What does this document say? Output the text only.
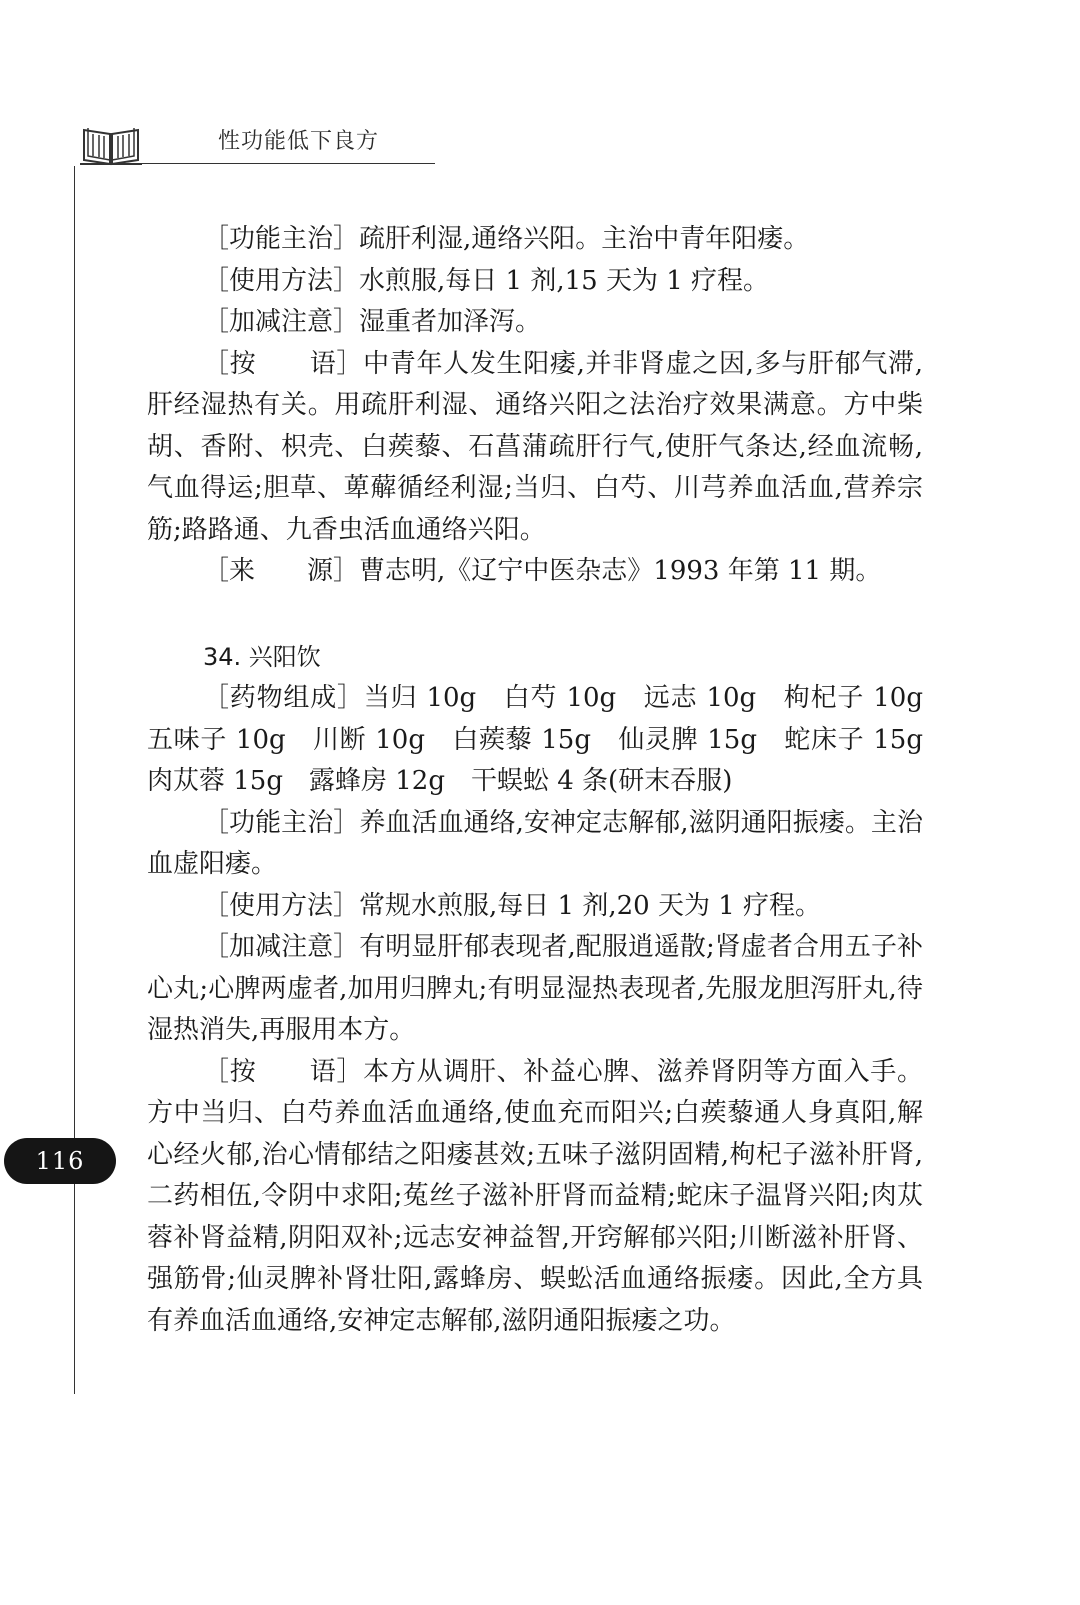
性功能低下良方
116

［功能主治］疏肝利湿,通络兴阳。主治中青年阳痿。

［使用方法］水煎服,每日 1 剂,15 天为 1 疗程。

［加减注意］湿重者加泽泻。

［按　　语］中青年人发生阳痿,并非肾虚之因,多与肝郁气滞,肝经湿热有关。用疏肝利湿、通络兴阳之法治疗效果满意。方中柴胡、香附、枳壳、白蒺藜、石菖蒲疏肝行气,使肝气条达,经血流畅,气血得运;胆草、萆薢循经利湿;当归、白芍、川芎养血活血,营养宗筋;路路通、九香虫活血通络兴阳。

［来　　源］曹志明,《辽宁中医杂志》1993 年第 11 期。

34. 兴阳饮

［药物组成］当归 10g　白芍 10g　远志 10g　枸杞子 10g　五味子 10g　川断 10g　白蒺藜 15g　仙灵脾 15g　蛇床子 15g　肉苁蓉 15g　露蜂房 12g　干蜈蚣 4 条(研末吞服)

［功能主治］养血活血通络,安神定志解郁,滋阴通阳振痿。主治血虚阳痿。

［使用方法］常规水煎服,每日 1 剂,20 天为 1 疗程。

［加减注意］有明显肝郁表现者,配服逍遥散;肾虚者合用五子补心丸;心脾两虚者,加用归脾丸;有明显湿热表现者,先服龙胆泻肝丸,待湿热消失,再服用本方。

［按　　语］本方从调肝、补益心脾、滋养肾阴等方面入手。方中当归、白芍养血活血通络,使血充而阳兴;白蒺藜通人身真阳,解心经火郁,治心情郁结之阳痿甚效;五味子滋阴固精,枸杞子滋补肝肾,二药相伍,令阴中求阳;菟丝子滋补肝肾而益精;蛇床子温肾兴阳;肉苁蓉补肾益精,阴阳双补;远志安神益智,开窍解郁兴阳;川断滋补肝肾、强筋骨;仙灵脾补肾壮阳,露蜂房、蜈蚣活血通络振痿。因此,全方具有养血活血通络,安神定志解郁,滋阴通阳振痿之功。
